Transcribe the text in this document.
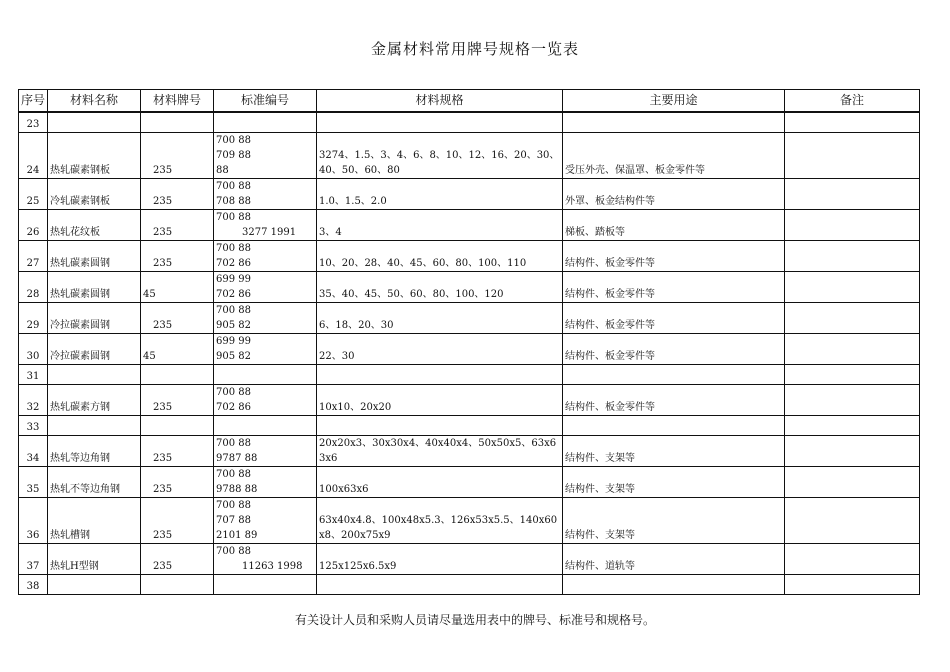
金属材料常用牌号规格一览表
序号	材料名称	材料牌号	标准编号	材料规格	主要用途	备注
23						
24	热轧碳素钢板	235	700 88
709 88
88	3274、1.5、3、4、6、8、10、12、16、20、30、40、50、60、80	受压外壳、保温罩、板金零件等	
25	冷轧碳素钢板	235	700 88
708 88	1.0、1.5、2.0	外罩、板金结构件等	
26	热轧花纹板	235	700 88
3277 1991	3、4	梯板、踏板等	
27	热轧碳素圆钢	235	700 88
702 86	10、20、28、40、45、60、80、100、110	结构件、板金零件等	
28	热轧碳素圆钢	45	699 99
702 86	35、40、45、50、60、80、100、120	结构件、板金零件等	
29	冷拉碳素圆钢	235	700 88
905 82	6、18、20、30	结构件、板金零件等	
30	冷拉碳素圆钢	45	699 99
905 82	22、30	结构件、板金零件等	
31						
32	热轧碳素方钢	235	700 88
702 86	10x10、20x20	结构件、板金零件等	
33						
34	热轧等边角钢	235	700 88
9787 88	20x20x3、30x30x4、40x40x4、50x50x5、63x63x6	结构件、支架等	
35	热轧不等边角钢	235	700 88
9788 88	100x63x6	结构件、支架等	
36	热轧槽钢	235	700 88
707 88
2101 89	63x40x4.8、100x48x5.3、126x53x5.5、140x60x8、200x75x9	结构件、支架等	
37	热轧H型钢	235	700 88
11263 1998	125x125x6.5x9	结构件、道轨等	
38						
有关设计人员和采购人员请尽量选用表中的牌号、标准号和规格号。
